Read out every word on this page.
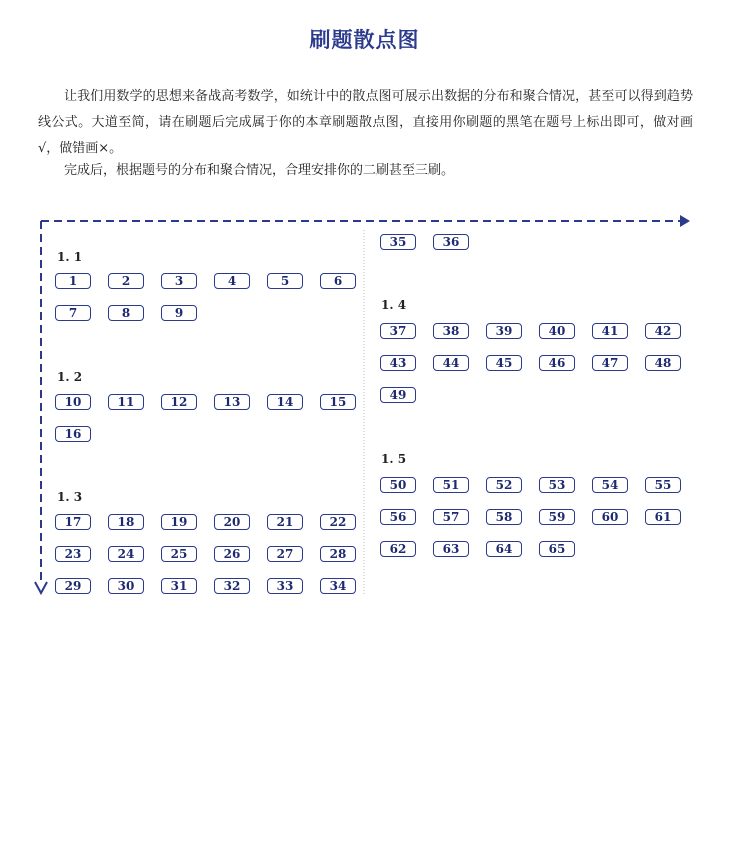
刷题散点图
让我们用数学的思想来备战高考数学，如统计中的散点图可展示出数据的分布和聚合情况，甚至可以得到趋势线公式。大道至简，请在刷题后完成属于你的本章刷题散点图，直接用你刷题的黑笔在题号上标出即可，做对画√，做错画×。
完成后，根据题号的分布和聚合情况，合理安排你的二刷甚至三刷。
1. 1
1	2	3	4	5	6
7	8	9
1. 2
10	11	12	13	14	15
16
1. 3
17	18	19	20	21	22
23	24	25	26	27	28
29	30	31	32	33	34
35	36
1. 4
37	38	39	40	41	42
43	44	45	46	47	48
49
1. 5
50	51	52	53	54	55
56	57	58	59	60	61
62	63	64	65
